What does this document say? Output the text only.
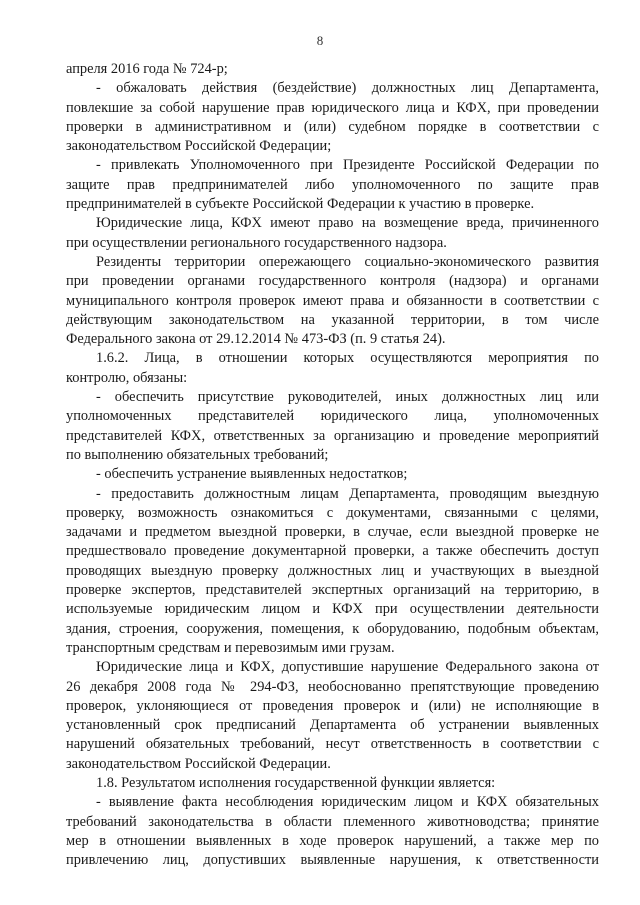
8

апреля 2016 года № 724-р;

- обжаловать действия (бездействие) должностных лиц Департамента,

повлекшие за собой нарушение прав юридического лица и КФХ, при проведении

проверки в административном и (или) судебном порядке в соответствии с

законодательством Российской Федерации;

- привлекать Уполномоченного при Президенте Российской Федерации по

защите прав предпринимателей либо уполномоченного по защите прав

предпринимателей в субъекте Российской Федерации к участию в проверке.

Юридические лица, КФХ имеют право на возмещение вреда, причиненного

при осуществлении регионального государственного надзора.

Резиденты территории опережающего социально-экономического развития

при проведении органами государственного контроля (надзора) и органами

муниципального контроля проверок имеют права и обязанности в соответствии с

действующим законодательством на указанной территории, в том числе

Федерального закона от 29.12.2014 № 473-ФЗ (п. 9 статья 24).

1.6.2. Лица, в отношении которых осуществляются мероприятия по

контролю, обязаны:

- обеспечить присутствие руководителей, иных должностных лиц или

уполномоченных представителей юридического лица, уполномоченных

представителей КФХ, ответственных за организацию и проведение мероприятий

по выполнению обязательных требований;

- обеспечить устранение выявленных недостатков;

- предоставить должностным лицам Департамента, проводящим выездную

проверку, возможность ознакомиться с документами, связанными с целями,

задачами и предметом выездной проверки, в случае, если выездной проверке не

предшествовало проведение документарной проверки, а также обеспечить доступ

проводящих выездную проверку должностных лиц и участвующих в выездной

проверке экспертов, представителей экспертных организаций на территорию, в

используемые юридическим лицом и КФХ при осуществлении деятельности

здания, строения, сооружения, помещения, к оборудованию, подобным объектам,

транспортным средствам и перевозимым ими грузам.

Юридические лица и КФХ, допустившие нарушение Федерального закона от

26 декабря 2008 года № 294-ФЗ, необоснованно препятствующие проведению

проверок, уклоняющиеся от проведения проверок и (или) не исполняющие в

установленный срок предписаний Департамента об устранении выявленных

нарушений обязательных требований, несут ответственность в соответствии с

законодательством Российской Федерации.

1.8. Результатом исполнения государственной функции является:

- выявление факта несоблюдения юридическим лицом и КФХ обязательных

требований законодательства в области племенного животноводства; принятие

мер в отношении выявленных в ходе проверок нарушений, а также мер по

привлечению лиц, допустивших выявленные нарушения, к ответственности
